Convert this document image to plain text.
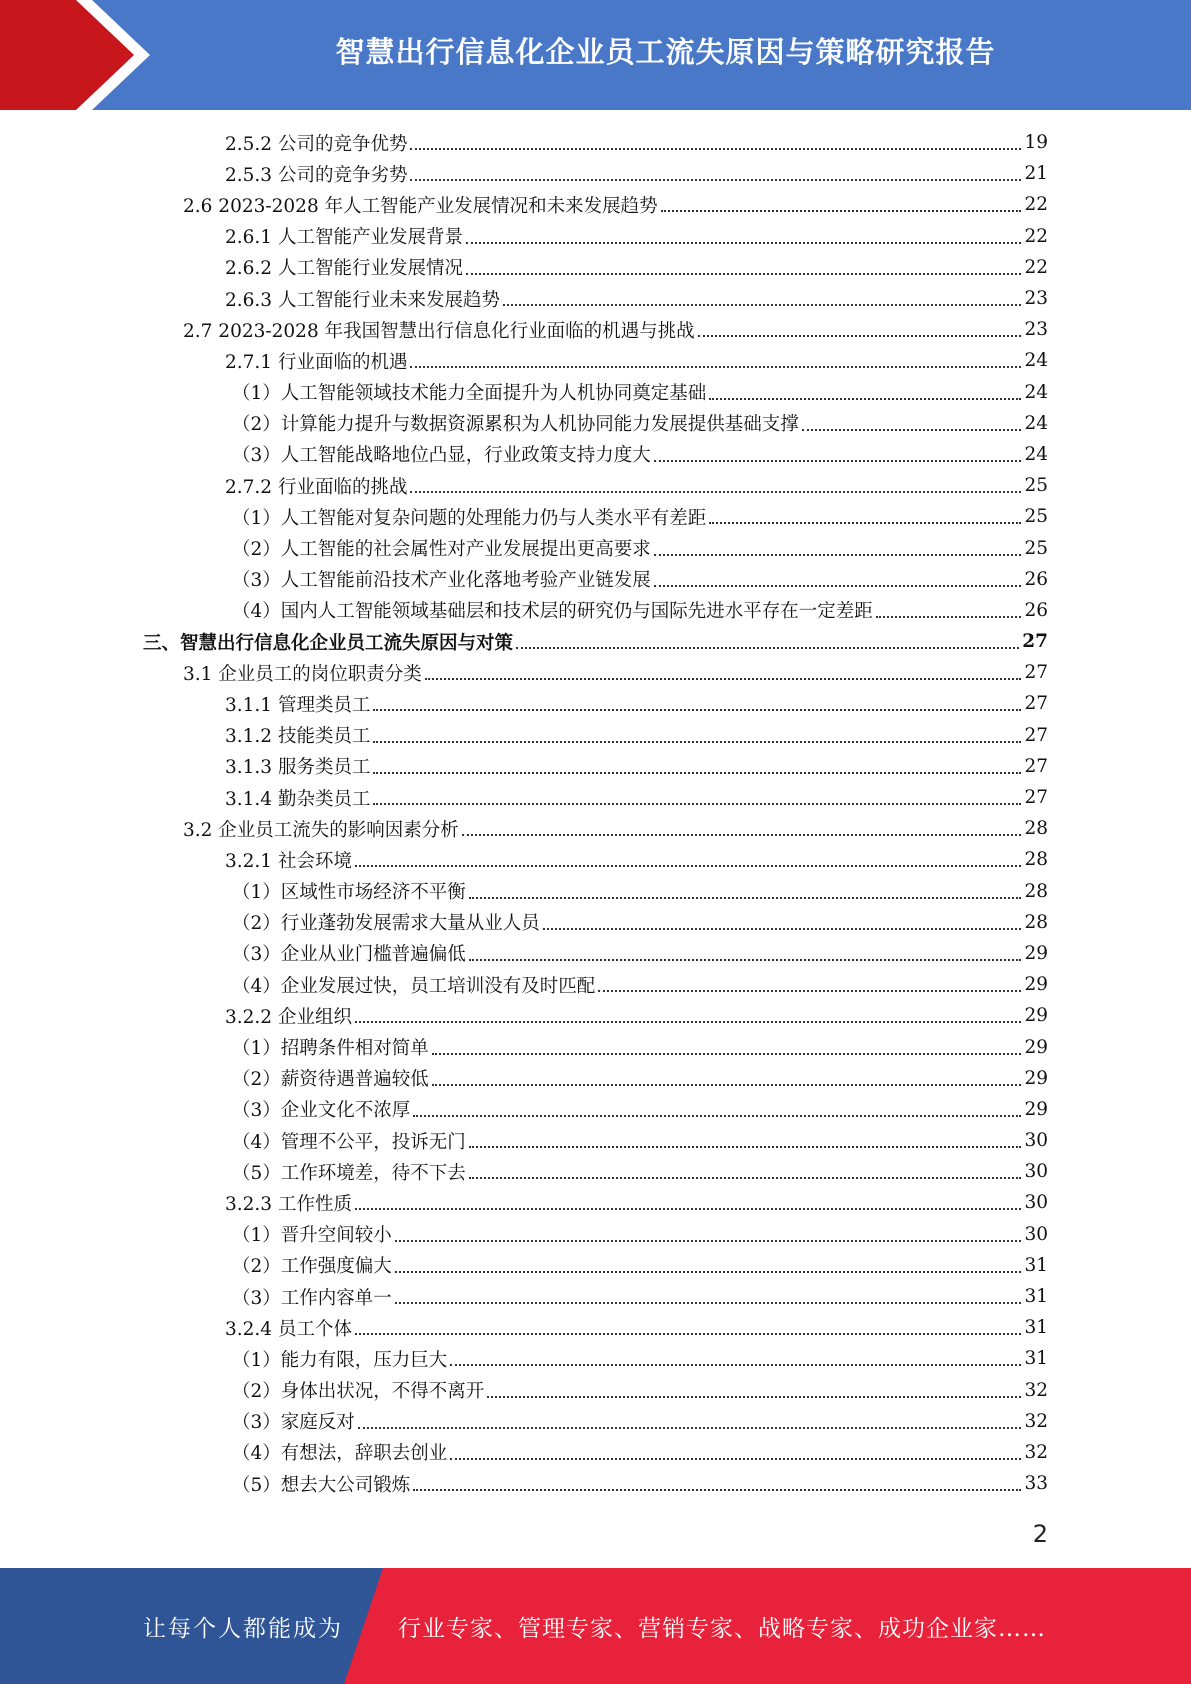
智慧出行信息化企业员工流失原因与策略研究报告
2.5.2 公司的竞争优势	19
2.5.3 公司的竞争劣势	21
2.6 2023-2028 年人工智能产业发展情况和未来发展趋势	22
2.6.1 人工智能产业发展背景	22
2.6.2 人工智能行业发展情况	22
2.6.3 人工智能行业未来发展趋势	23
2.7 2023-2028 年我国智慧出行信息化行业面临的机遇与挑战	23
2.7.1 行业面临的机遇	24
（1）人工智能领域技术能力全面提升为人机协同奠定基础	24
（2）计算能力提升与数据资源累积为人机协同能力发展提供基础支撑	24
（3）人工智能战略地位凸显，行业政策支持力度大	24
2.7.2 行业面临的挑战	25
（1）人工智能对复杂问题的处理能力仍与人类水平有差距	25
（2）人工智能的社会属性对产业发展提出更高要求	25
（3）人工智能前沿技术产业化落地考验产业链发展	26
（4）国内人工智能领域基础层和技术层的研究仍与国际先进水平存在一定差距	26
三、智慧出行信息化企业员工流失原因与对策	27
3.1 企业员工的岗位职责分类	27
3.1.1 管理类员工	27
3.1.2 技能类员工	27
3.1.3 服务类员工	27
3.1.4 勤杂类员工	27
3.2 企业员工流失的影响因素分析	28
3.2.1 社会环境	28
（1）区域性市场经济不平衡	28
（2）行业蓬勃发展需求大量从业人员	28
（3）企业从业门槛普遍偏低	29
（4）企业发展过快，员工培训没有及时匹配	29
3.2.2 企业组织	29
（1）招聘条件相对简单	29
（2）薪资待遇普遍较低	29
（3）企业文化不浓厚	29
（4）管理不公平，投诉无门	30
（5）工作环境差，待不下去	30
3.2.3 工作性质	30
（1）晋升空间较小	30
（2）工作强度偏大	31
（3）工作内容单一	31
3.2.4 员工个体	31
（1）能力有限，压力巨大	31
（2）身体出状况，不得不离开	32
（3）家庭反对	32
（4）有想法，辞职去创业	32
（5）想去大公司锻炼	33
2
让每个人都能成为 行业专家、管理专家、营销专家、战略专家、成功企业家……
